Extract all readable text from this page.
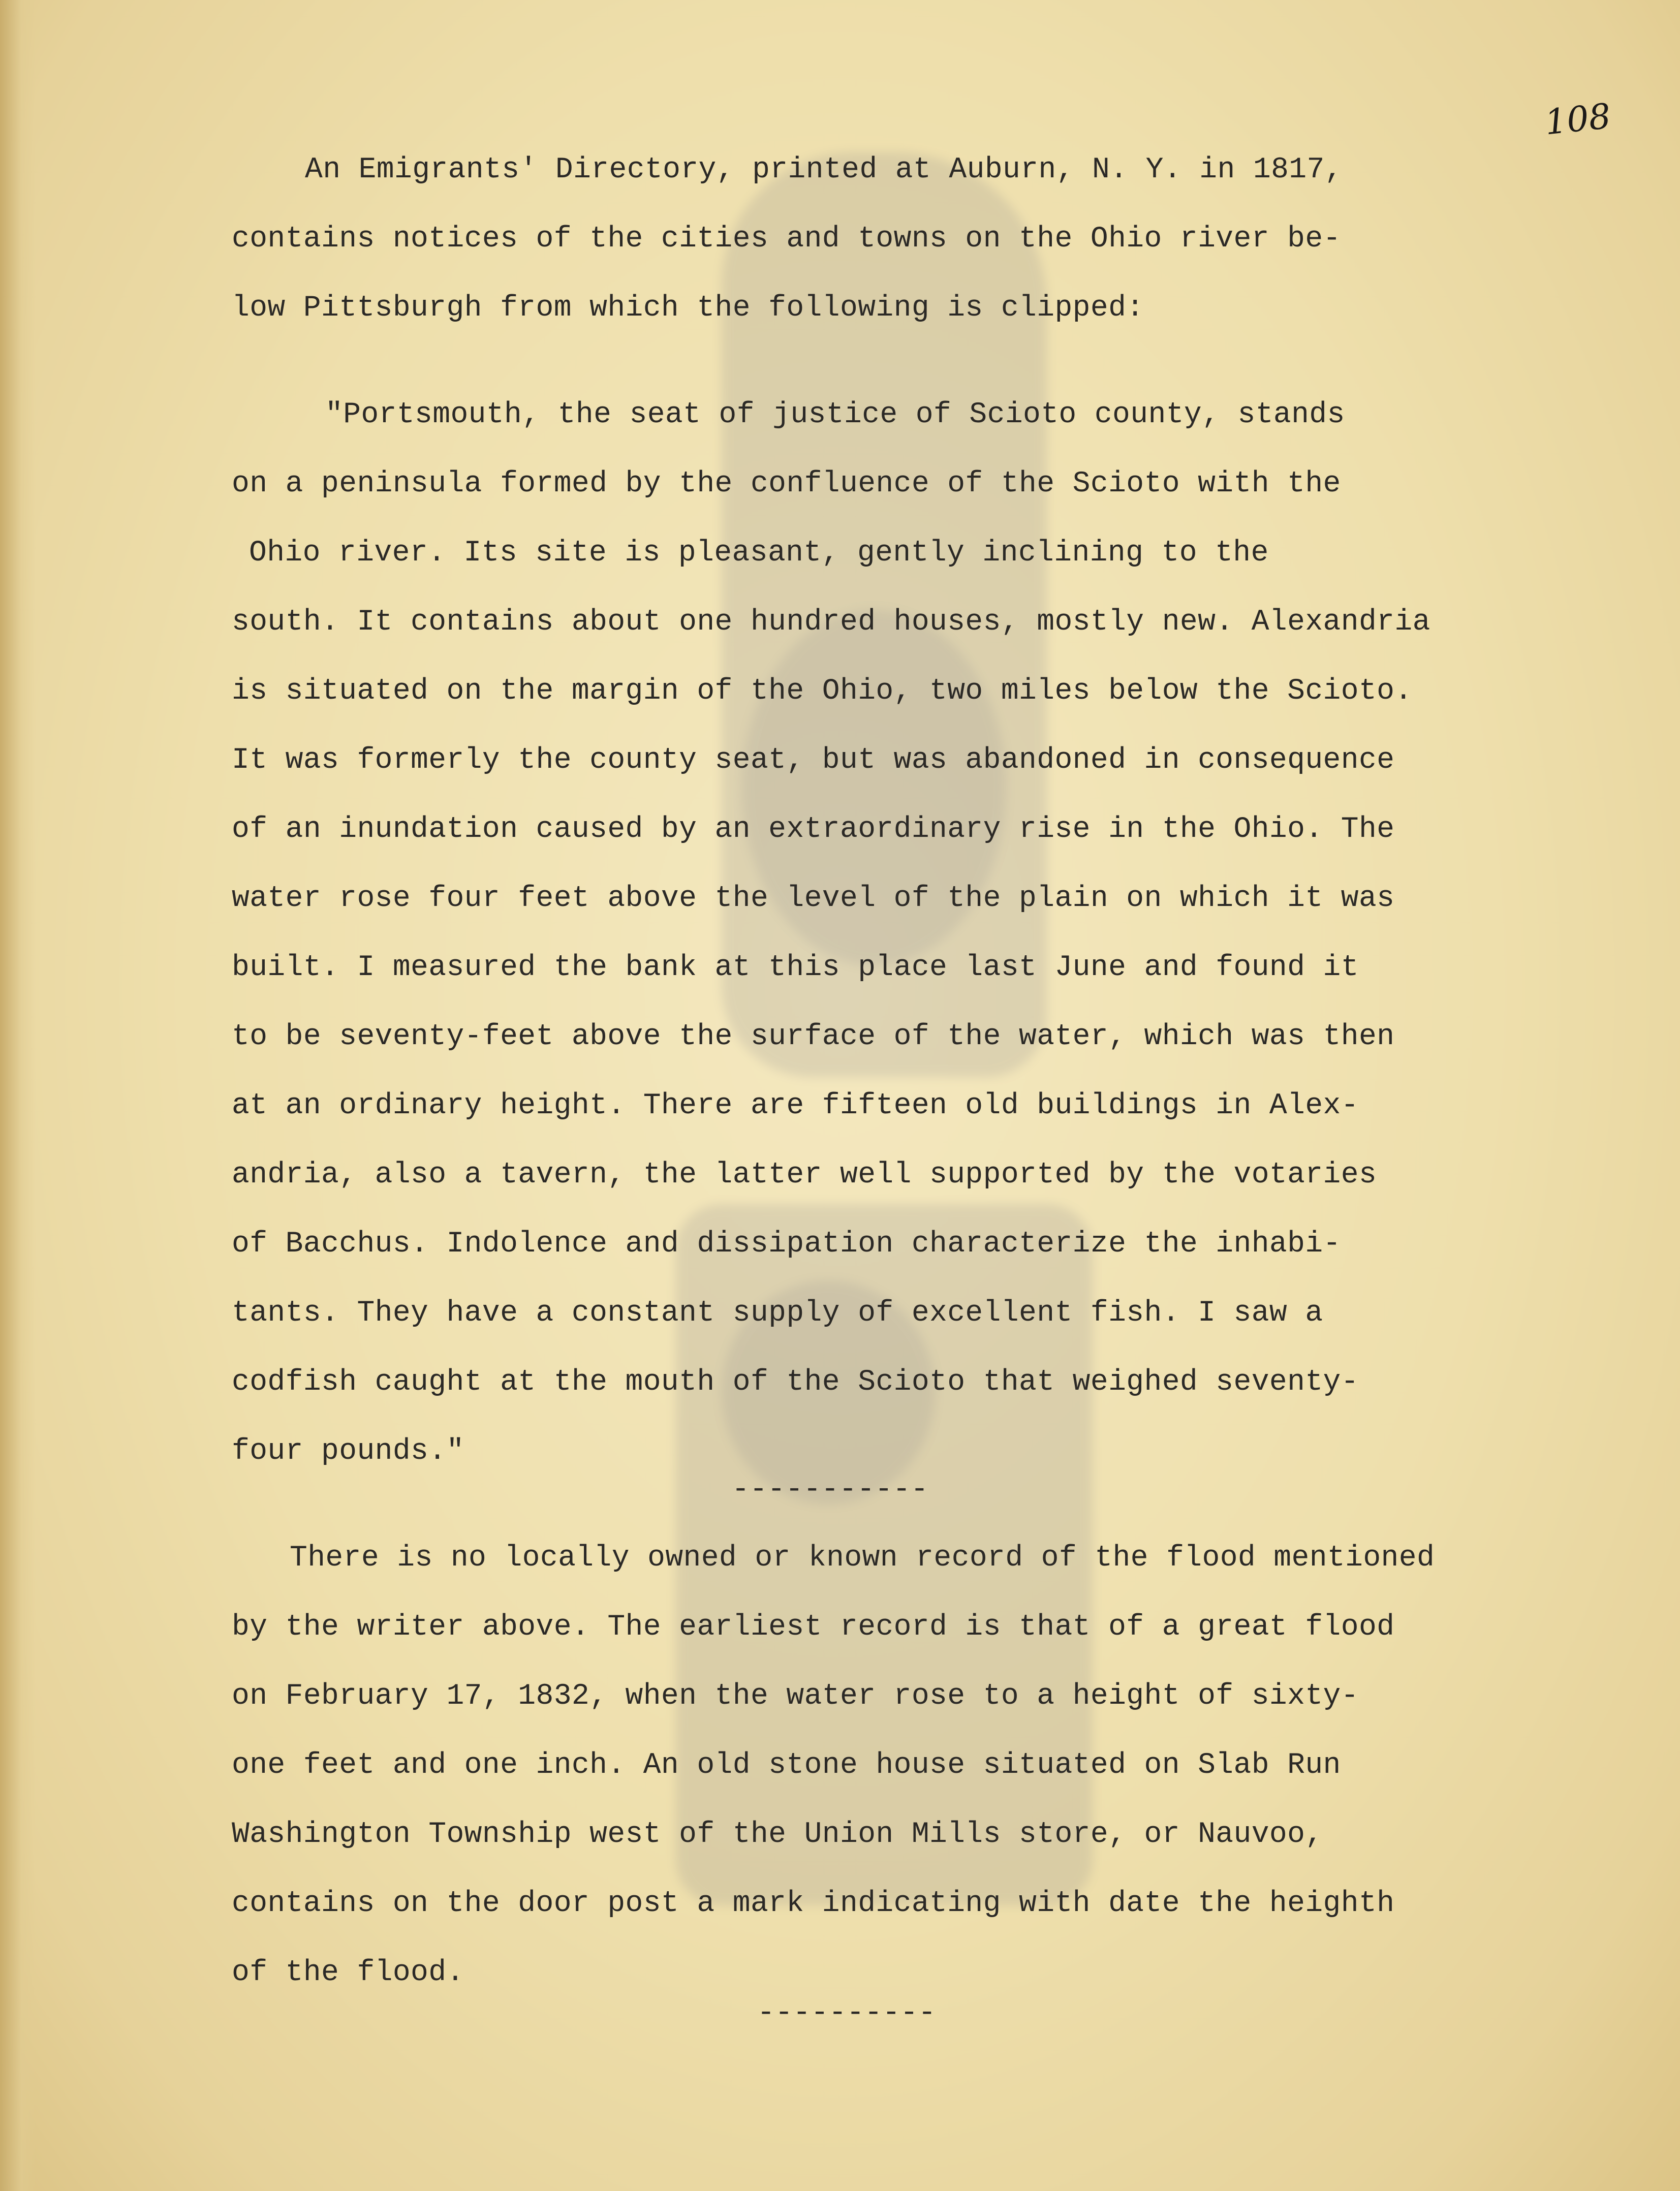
108
An Emigrants' Directory, printed at Auburn, N. Y. in 1817,
contains notices of the cities and towns on the Ohio river be-
low Pittsburgh from which the following is clipped:
"Portsmouth, the seat of justice of Scioto county, stands
on a peninsula formed by the confluence of the Scioto with the
Ohio river. Its site is pleasant, gently inclining to the
south. It contains about one hundred houses, mostly new. Alexandria
is situated on the margin of the Ohio, two miles below the Scioto.
It was formerly the county seat, but was abandoned in consequence
of an inundation caused by an extraordinary rise in the Ohio. The
water rose four feet above the level of the plain on which it was
built. I measured the bank at this place last June and found it
to be seventy-feet above the surface of the water, which was then
at an ordinary height. There are fifteen old buildings in Alex-
andria, also a tavern, the latter well supported by the votaries
of Bacchus. Indolence and dissipation characterize the inhabi-
tants. They have a constant supply of excellent fish. I saw a
codfish caught at the mouth of the Scioto that weighed seventy-
four pounds."
-----------
There is no locally owned or known record of the flood mentioned
by the writer above. The earliest record is that of a great flood
on February 17, 1832, when the water rose to a height of sixty-
one feet and one inch. An old stone house situated on Slab Run
Washington Township west of the Union Mills store, or Nauvoo,
contains on the door post a mark indicating with date the heighth
of the flood.
----------
